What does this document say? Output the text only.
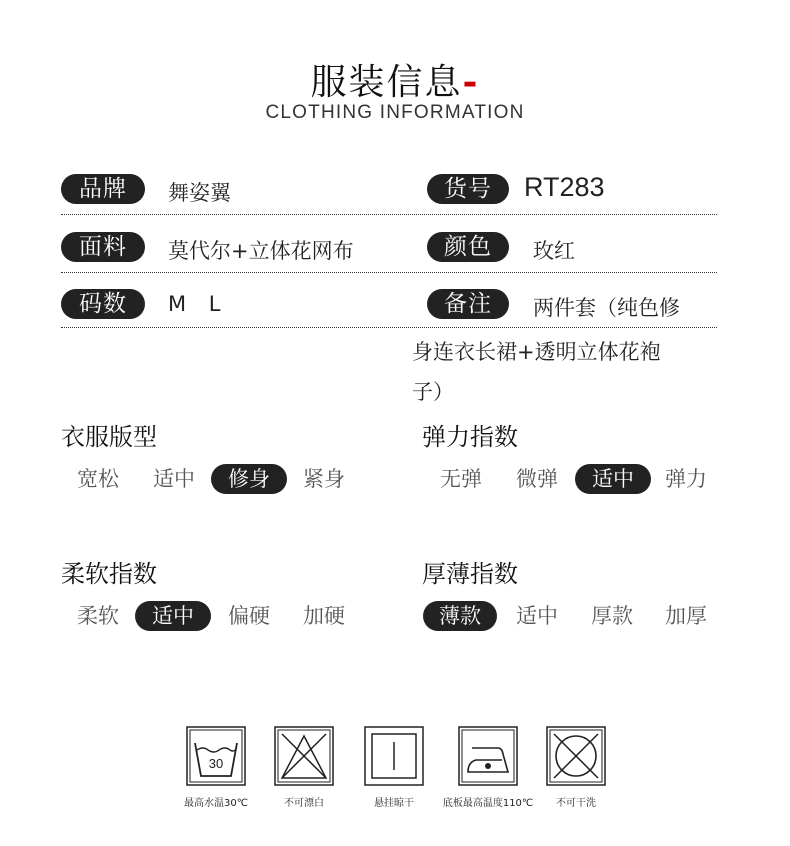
服装信息-
CLOTHING INFORMATION
品牌	舞姿翼	货号	RT283
面料	莫代尔+立体花网布	颜色	玫红
码数	M L	备注	两件套（纯色修
身连衣长裙+透明立体花袍
子）
衣服版型
宽松	适中	修身	紧身
弹力指数
无弹	微弹	适中	弹力
柔软指数
柔软	适中	偏硬	加硬
厚薄指数
薄款	适中	厚款	加厚
30
最高水温30℃	不可漂白	悬挂晾干	底板最高温度110℃	不可干洗
